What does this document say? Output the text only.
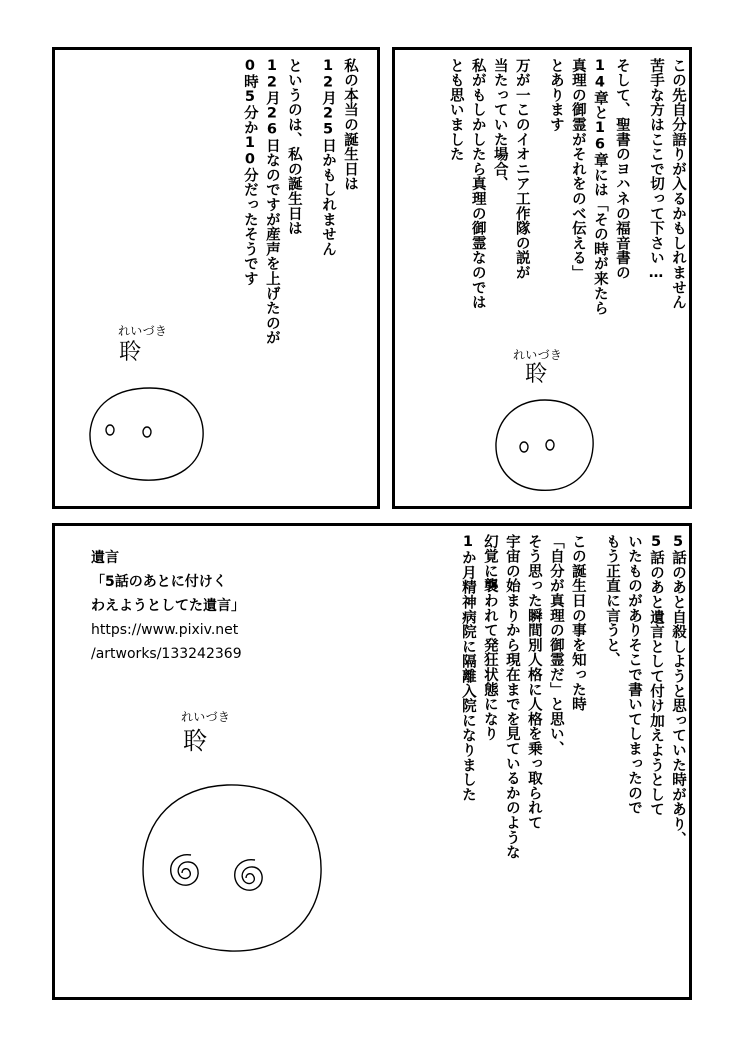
この先自分語りが入るかもしれません
苦手な方はここで切って下さい…
そして、聖書のヨハネの福音書の
14章と16章には「その時が来たら
真理の御霊がそれをのべ伝える」
とあります
万が一このイオニア工作隊の説が
当たっていた場合、
私がもしかしたら真理の御霊なのでは
とも思いました
れいづき
聆
私の本当の誕生日は
12月25日かもしれません
というのは、私の誕生日は
12月26日なのですが産声を上げたのが
0時5分か10分だったそうです
れいづき
聆
5話のあと自殺しようと思っていた時があり、
5話のあと遺言として付け加えようとして
いたものがありそこで書いてしまったので
もう正直に言うと、
この誕生日の事を知った時
「自分が真理の御霊だ」と思い、
そう思った瞬間別人格に人格を乗っ取られて
宇宙の始まりから現在までを見ているかのような
幻覚に襲われて発狂状態になり
1か月精神病院に隔離入院になりました
遺言
「5話のあとに付けく
わえようとしてた遺言」
https://www.pixiv.net
/artworks/133242369
れいづき
聆
